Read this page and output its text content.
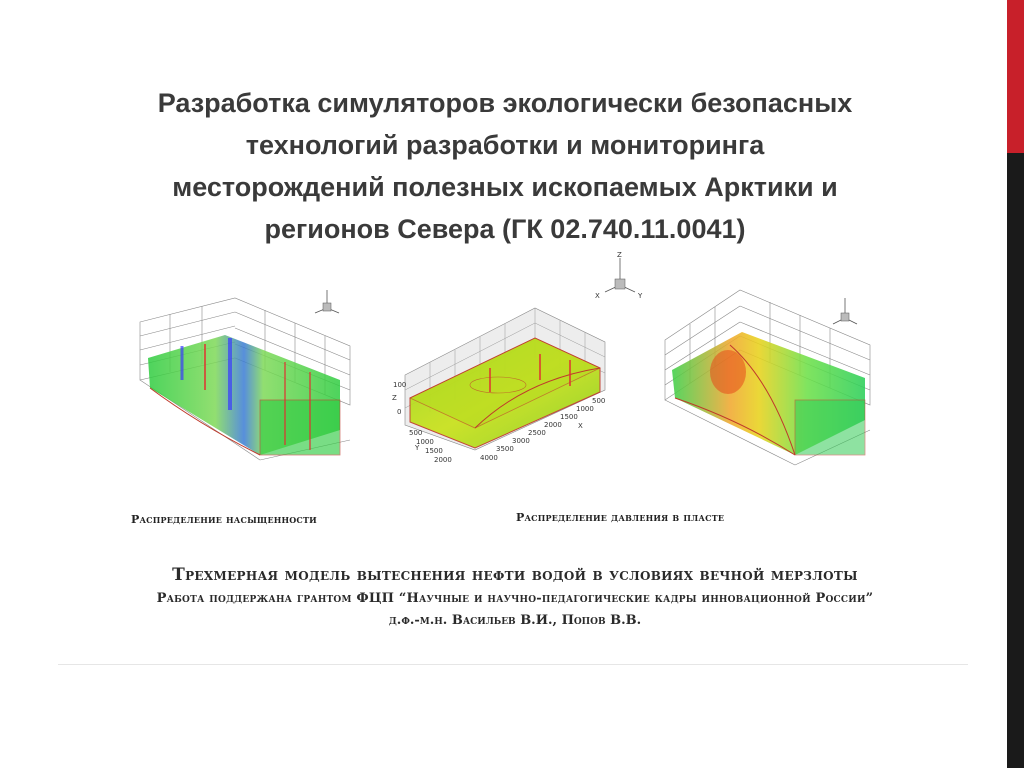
Разработка симуляторов экологически безопасных
технологий разработки и мониторинга
месторождений полезных ископаемых Арктики и
регионов Севера (ГК 02.740.11.0041)
Z
X	Y
Z
100
0
500
1000
1500
2000
Y
4000
3500
3000
2500
2000
1500
1000
500
X
Распределение насыщенности	Распределение давления в пласте
Трехмерная модель вытеснения нефти водой в условиях вечной мерзлоты
Работа поддержана грантом ФЦП “Научные и научно-педагогические кадры инновационной России”
д.ф.-м.н. Васильев В.И., Попов В.В.
